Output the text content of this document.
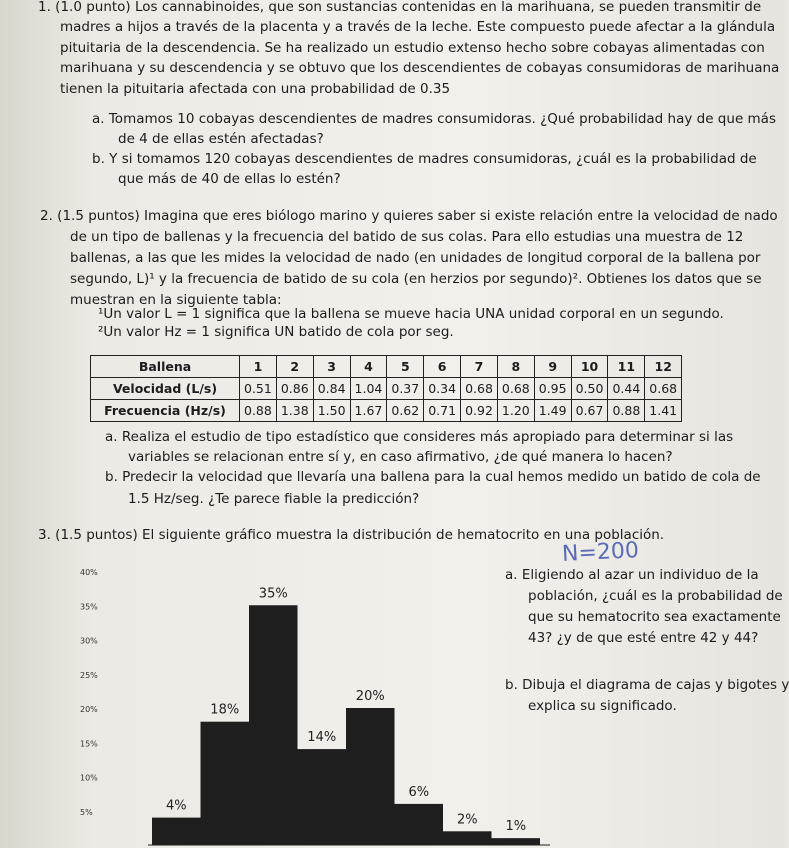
1. (1.0 punto) Los cannabinoides, que son sustancias contenidas en la marihuana, se pueden transmitir de
madres a hijos a través de la placenta y a través de la leche. Este compuesto puede afectar a la glándula
pituitaria de la descendencia. Se ha realizado un estudio extenso hecho sobre cobayas alimentadas con
marihuana y su descendencia y se obtuvo que los descendientes de cobayas consumidoras de marihuana
tienen la pituitaria afectada con una probabilidad de 0.35
a. Tomamos 10 cobayas descendientes de madres consumidoras. ¿Qué probabilidad hay de que más
de 4 de ellas estén afectadas?
b. Y si tomamos 120 cobayas descendientes de madres consumidoras, ¿cuál es la probabilidad de
que más de 40 de ellas lo estén?
2. (1.5 puntos) Imagina que eres biólogo marino y quieres saber si existe relación entre la velocidad de nado
de un tipo de ballenas y la frecuencia del batido de sus colas. Para ello estudias una muestra de 12
ballenas, a las que les mides la velocidad de nado (en unidades de longitud corporal de la ballena por
segundo, L)¹ y la frecuencia de batido de su cola (en herzios por segundo)². Obtienes los datos que se
muestran en la siguiente tabla:
¹Un valor L = 1 significa que la ballena se mueve hacia UNA unidad corporal en un segundo.
²Un valor Hz = 1 significa UN batido de cola por seg.
Ballena	1	2	3	4	5	6	7	8	9	10	11	12
Velocidad (L/s)	0.51	0.86	0.84	1.04	0.37	0.34	0.68	0.68	0.95	0.50	0.44	0.68
Frecuencia (Hz/s)	0.88	1.38	1.50	1.67	0.62	0.71	0.92	1.20	1.49	0.67	0.88	1.41
a. Realiza el estudio de tipo estadístico que consideres más apropiado para determinar si las
variables se relacionan entre sí y, en caso afirmativo, ¿de qué manera lo hacen?
b. Predecir la velocidad que llevaría una ballena para la cual hemos medido un batido de cola de
1.5 Hz/seg. ¿Te parece fiable la predicción?
3. (1.5 puntos) El siguiente gráfico muestra la distribución de hematocrito en una población.
N=200
5%
10%
15%
20%
25%
30%
35%
40%
4%
18%
35%
14%
20%
6%
2% 1%
a. Eligiendo al azar un individuo de la
población, ¿cuál es la probabilidad de
que su hematocrito sea exactamente
43? ¿y de que esté entre 42 y 44?
b. Dibuja el diagrama de cajas y bigotes y
explica su significado.
